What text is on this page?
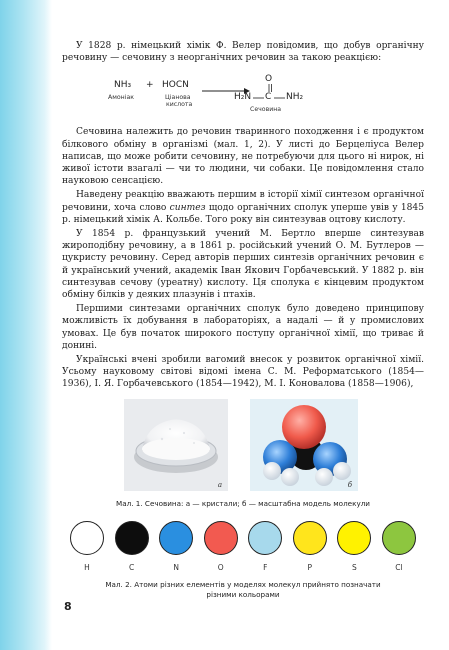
У 1828 р. німецький хімік Ф. Велер повідомив, що добув органічну речовину — сечовину з неорганічних речовин за такою реакцією:

NH₃ + HOCN
O
H₂N C NH₂
Амоніак	Ціанова
кислота
Сечовина

Сечовина належить до речовин тваринного походження і є продуктом білкового обміну в організмі (мал. 1, 2). У листі до Берцеліуса Велер написав, що може робити сечовину, не потребуючи для цього ні нирок, ні живої істоти взагалі — чи то людини, чи собаки. Це повідомлення стало науковою сенсацією.

Наведену реакцію вважають першим в історії хімії синтезом органічної речовини, хоча слово синтез щодо органічних сполук уперше увів у 1845 р. німецький хімік А. Кольбе. Того року він синтезував оцтову кислоту.

У 1854 р. французький учений М. Бертло вперше синтезував жироподібну речовину, а в 1861 р. російський учений О. М. Бутлеров — цукристу речовину. Серед авторів перших синтезів органічних речовин є й український учений, академік Іван Якович Горбачевський. У 1882 р. він синтезував сечову (уреатну) кислоту. Ця сполука є кінцевим продуктом обміну білків у деяких плазунів і птахів.

Першими синтезами органічних сполук було доведено принципову можливість їх добування в лабораторіях, а надалі — й у промислових умовах. Це був початок широкого поступу органічної хімії, що триває й донині.

Українські вчені зробили вагомий внесок у розвиток органічної хімії. Усьому науковому світові відомі імена С. М. Реформатського (1854—1936), І. Я. Горбачевського (1854—1942), М. І. Коновалова (1858—1906),

а	б

Мал. 1. Сечовина: а — кристали; б — масштабна модель молекули

H	C	N	O	F	P	S	Cl

Мал. 2. Атоми різних елементів у моделях молекул прийнято позначати

різними кольорами

8
